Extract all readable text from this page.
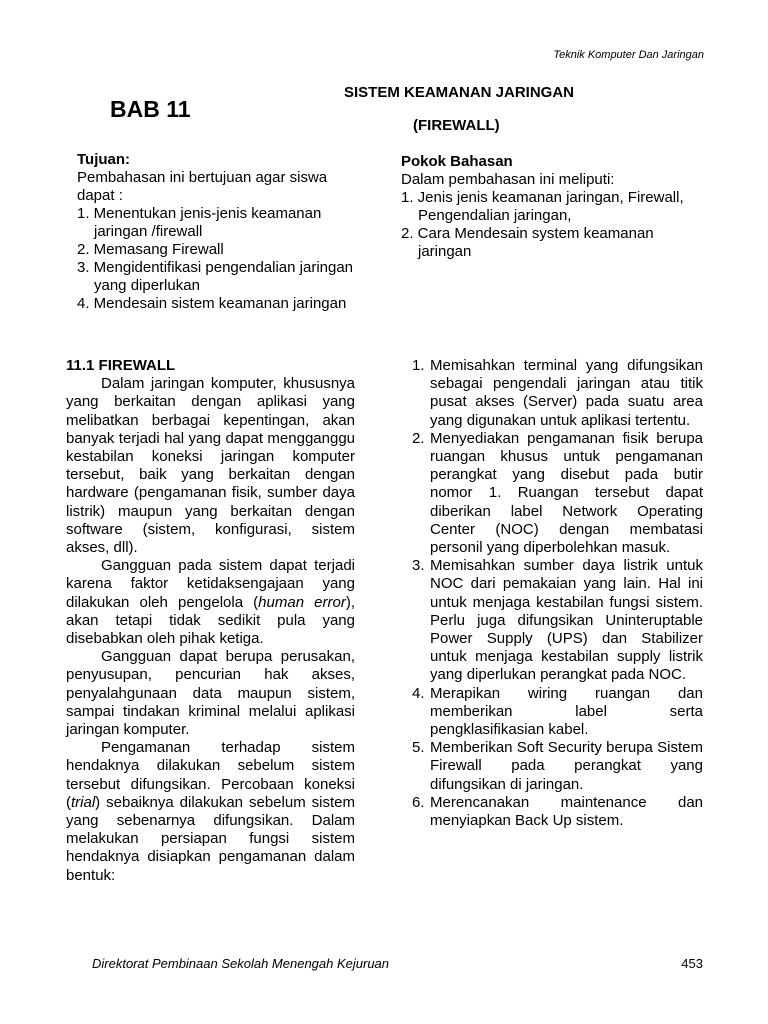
Teknik Komputer Dan Jaringan
BAB 11
SISTEM KEAMANAN JARINGAN
(FIREWALL)
Tujuan:

Pembahasan ini bertujuan agar siswa dapat :

1. Menentukan jenis-jenis keamanan jaringan /firewall
2. Memasang Firewall
3. Mengidentifikasi pengendalian jaringan yang diperlukan
4. Mendesain sistem keamanan jaringan
Pokok Bahasan

Dalam pembahasan ini meliputi:

1. Jenis jenis keamanan jaringan, Firewall, Pengendalian jaringan,
2. Cara Mendesain system keamanan jaringan
11.1 FIREWALL

Dalam jaringan komputer, khususnya yang berkaitan dengan aplikasi yang melibatkan berbagai kepentingan, akan banyak terjadi hal yang dapat mengganggu kestabilan koneksi jaringan komputer tersebut, baik yang berkaitan dengan hardware (pengamanan fisik, sumber daya listrik) maupun yang berkaitan dengan software (sistem, konfigurasi, sistem akses, dll).

Gangguan pada sistem dapat terjadi karena faktor ketidaksengajaan yang dilakukan oleh pengelola (human error), akan tetapi tidak sedikit pula yang disebabkan oleh pihak ketiga.

Gangguan dapat berupa perusakan, penyusupan, pencurian hak akses, penyalahgunaan data maupun sistem, sampai tindakan kriminal melalui aplikasi jaringan komputer.

Pengamanan terhadap sistem hendaknya dilakukan sebelum sistem tersebut difungsikan. Percobaan koneksi (trial) sebaiknya dilakukan sebelum sistem yang sebenarnya difungsikan. Dalam melakukan persiapan fungsi sistem hendaknya disiapkan pengamanan dalam bentuk:

1. Memisahkan terminal yang difungsikan sebagai pengendali jaringan atau titik pusat akses (Server) pada suatu area yang digunakan untuk aplikasi tertentu.
2. Menyediakan pengamanan fisik berupa ruangan khusus untuk pengamanan perangkat yang disebut pada butir nomor 1. Ruangan tersebut dapat diberikan label Network Operating Center (NOC) dengan membatasi personil yang diperbolehkan masuk.
3. Memisahkan sumber daya listrik untuk NOC dari pemakaian yang lain. Hal ini untuk menjaga kestabilan fungsi sistem. Perlu juga difungsikan Uninteruptable Power Supply (UPS) dan Stabilizer untuk menjaga kestabilan supply listrik yang diperlukan perangkat pada NOC.
4. Merapikan wiring ruangan dan memberikan label serta pengklasifikasian kabel.
5. Memberikan Soft Security berupa Sistem Firewall pada perangkat yang difungsikan di jaringan.
6. Merencanakan maintenance dan menyiapkan Back Up sistem.
Direktorat Pembinaan Sekolah Menengah Kejuruan	453
